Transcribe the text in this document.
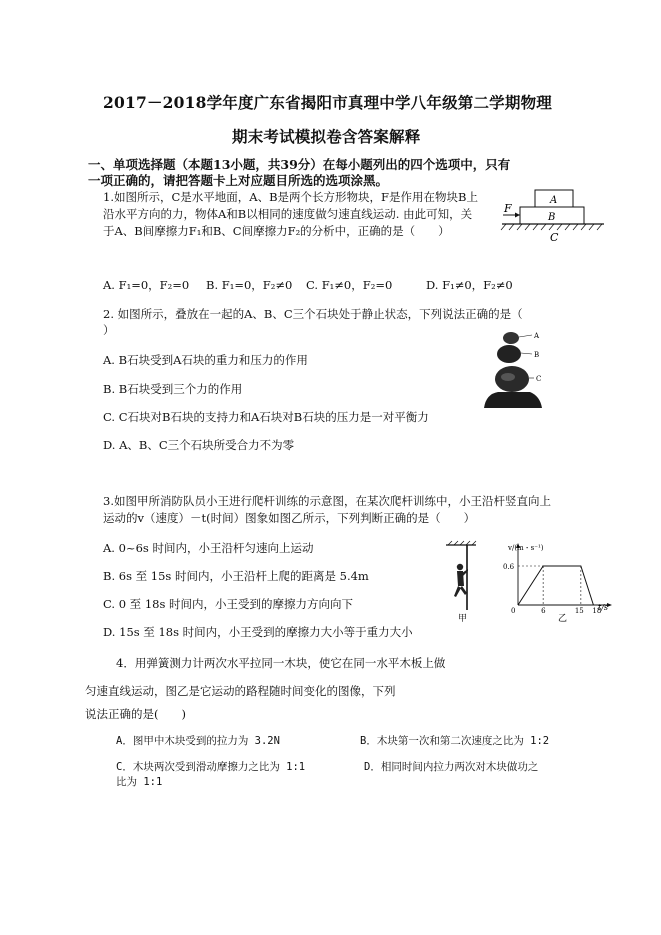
2017－2018学年度广东省揭阳市真理中学八年级第二学期物理
期末考试模拟卷含答案解释
一、单项选择题（本题13小题，共39分）在每小题列出的四个选项中，只有
一项正确的，请把答题卡上对应题目所选的选项涂黑。
1.如图所示，C是水平地面，A、B是两个长方形物块，F是作用在物块B上
沿水平方向的力，物体A和B以相同的速度做匀速直线运动. 由此可知，关
于A、B间摩擦力F₁和B、C间摩擦力F₂的分析中，正确的是（　　）
F
A
B
C
A. F₁=0，F₂=0 B. F₁=0，F₂≠0 C. F₁≠0，F₂=0	D. F₁≠0，F₂≠0
2. 如图所示，叠放在一起的A、B、C三个石块处于静止状态，下列说法正确的是（
）	A
B
C
A. B石块受到A石块的重力和压力的作用
B. B石块受到三个力的作用
C. C石块对B石块的支持力和A石块对B石块的压力是一对平衡力
D. A、B、C三个石块所受合力不为零
3.如图甲所消防队员小王进行爬杆训练的示意图，在某次爬杆训练中，小王沿杆竖直向上
运动的v（速度）－t(时间）图象如图乙所示，下列判断正确的是（　　）
A. 0~6s 时间内，小王沿杆匀速向上运动
B. 6s 至 15s 时间内，小王沿杆上爬的距离是 5.4m
C. 0 至 18s 时间内，小王受到的摩擦力方向向下
D. 15s 至 18s 时间内，小王受到的摩擦力大小等于重力大小
甲
0.6
0	6	15 18
v/(m・s⁻¹)
t/s
乙
4．用弹簧测力计两次水平拉同一木块，使它在同一水平木板上做
匀速直线运动，图乙是它运动的路程随时间变化的图像，下列
说法正确的是(　　)
A．图甲中木块受到的拉力为 3.2N	B．木块第一次和第二次速度之比为 1:2
C．木块两次受到滑动摩擦力之比为 1:1	D．相同时间内拉力两次对木块做功之
比为 1:1
